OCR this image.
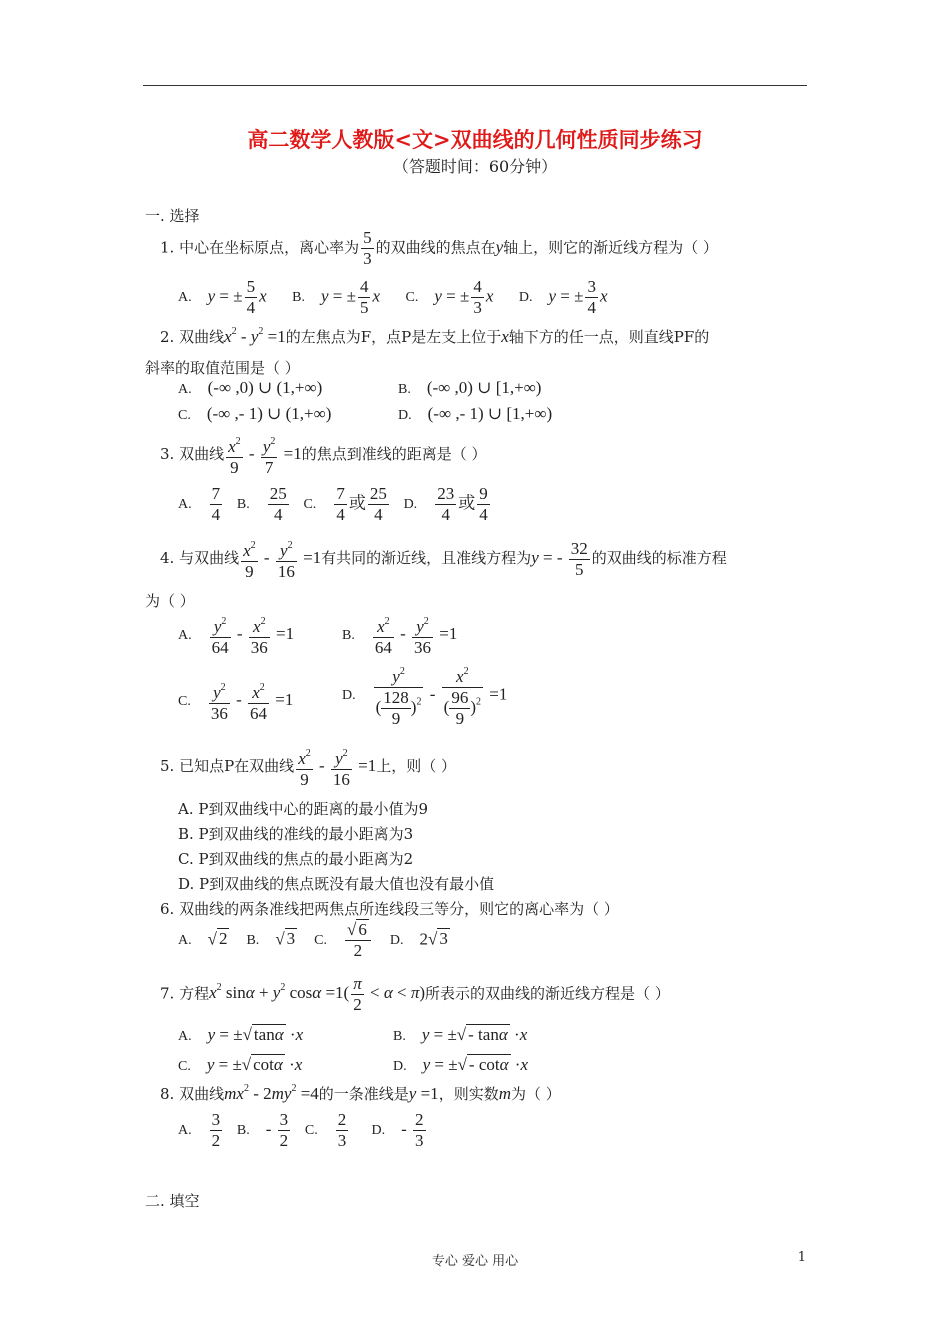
高二数学人教版<文>双曲线的几何性质同步练习
（答题时间：60分钟）
一. 选择
1. 中心在坐标原点，离心率为 $\frac{5}{3}$ 的双曲线的焦点在y轴上，则它的渐近线方程为（ ）
A. y = ± $\frac{5}{4}$ x B. y = ± $\frac{4}{5}$ x C. y = ± $\frac{4}{3}$ x D. y = ± $\frac{3}{4}$ x
2. 双曲线$x^2 - y^2 =1$的左焦点为F，点P是左支上位于x轴下方的任一点，则直线PF的
斜率的取值范围是（ ）
A. (-∞ ,0) ∪ (1,+∞)	B. (-∞ ,0) ∪ [1,+∞)
C. (-∞ ,- 1) ∪ (1,+∞)	D. (-∞ ,- 1) ∪ [1,+∞)
3. 双曲线 $\frac{x^2}{9} - \frac{y^2}{7} =1$的焦点到准线的距离是（ ）
A. $\frac{7}{4} B$. $\frac{25}{4} C$. $\frac{7}{4}$ 或 $\frac{25}{4} D$. $\frac{23}{4}$ 或 $\frac{9}{4}$
4. 与双曲线 $\frac{x^2}{9} - \frac{y^2}{16} =1$有共同的渐近线，且准线方程为y = - $\frac{32}{5}$ 的双曲线的标准方程
为（ ）
A. $\frac{y^2}{64} - \frac{x^2}{36} =1$	B. $\frac{x^2}{64} - \frac{y^2}{36} =1$
C. $\frac{y^2}{36} - \frac{x^2}{64} =1$	D. $\frac{y^2}{( \frac{128}{9} )^2} - \frac{x^2}{( \frac{96}{9} )^2} =1$
5. 已知点P在双曲线 $\frac{x^2}{9} - \frac{y^2}{16} =1$上，则（ ）
A. P到双曲线中心的距离的最小值为9
B. P到双曲线的准线的最小距离为3
C. P到双曲线的焦点的最小距离为2
D. P到双曲线的焦点既没有最大值也没有最小值
6. 双曲线的两条准线把两焦点所连线段三等分，则它的离心率为（ ）
A. √ 2 B. √ 3 C. $\frac{√ 6}{2} D$. 2√ 3
7. 方程$x^2$ $\sin\alpha + y^2$ $\cos\alpha =1( \frac{\pi}{2} < \alpha < \pi)$所表示的双曲线的渐近线方程是（ ）
A. y = ±√ tanα ·x	B. y = ±√ - tanα ·x
C. y = ±√ cotα ·x	D. y = ±√ - cotα ·x
8. 双曲线$mx^2 - 2my^2 =4$的一条准线是y =1，则实数m为（ ）
A. $\frac{3}{2} B$. - $\frac{3}{2} C$. $\frac{2}{3} D$. - $\frac{2}{3}$
二. 填空
专心 爱心 用心	1
